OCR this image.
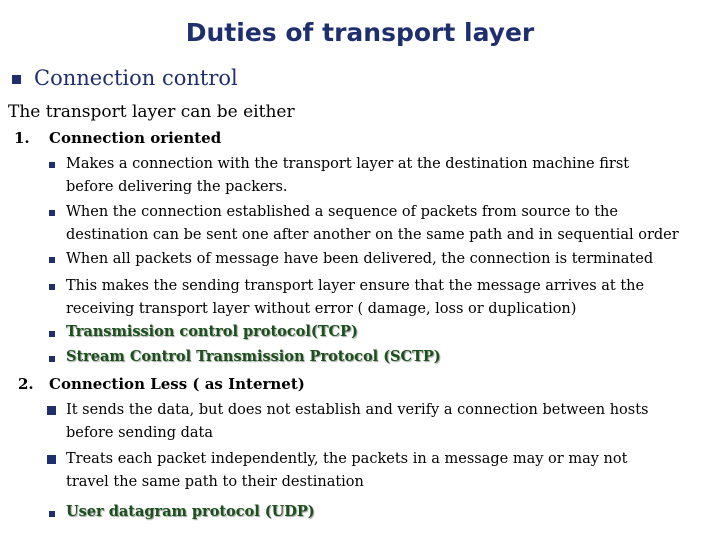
Duties of transport layer
Connection control
The transport layer can be either
1. Connection oriented
Makes a connection with the transport layer at the destination machine first
before delivering the packers.
When the connection established a sequence of packets from source to the
destination can be sent one after another on the same path and in sequential order
When all packets of message have been delivered, the connection is terminated
This makes the sending transport layer ensure that the message arrives at the
receiving transport layer without error ( damage, loss or duplication)
Transmission control protocol(TCP)
Stream Control Transmission Protocol (SCTP)
2. Connection Less ( as Internet)
It sends the data, but does not establish and verify a connection between hosts
before sending data
Treats each packet independently, the packets in a message may or may not
travel the same path to their destination
User datagram protocol (UDP)
